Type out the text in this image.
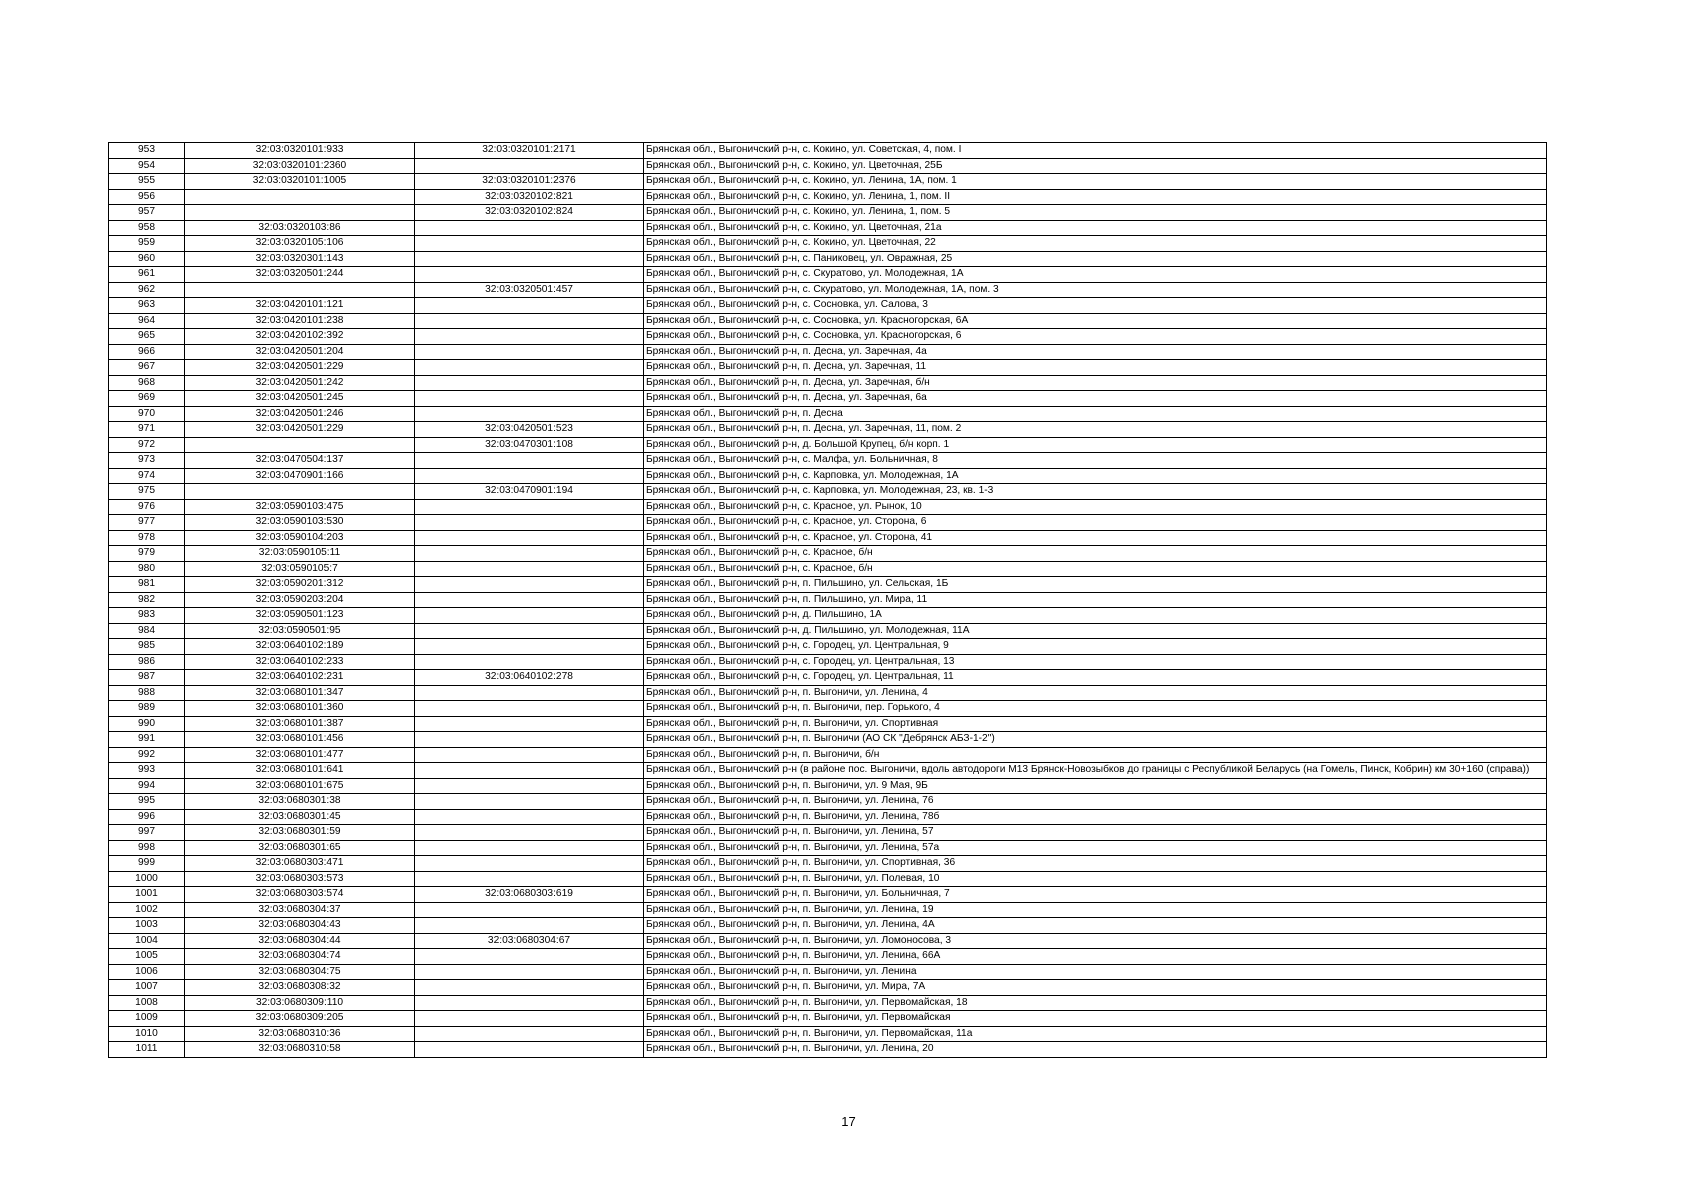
953	32:03:0320101:933	32:03:0320101:2171	Брянская обл., Выгоничский р-н, с. Кокино, ул. Советская, 4, пом. I
954	32:03:0320101:2360		Брянская обл., Выгоничский р-н, с. Кокино, ул. Цветочная, 25Б
955	32:03:0320101:1005	32:03:0320101:2376	Брянская обл., Выгоничский р-н, с. Кокино, ул. Ленина, 1А, пом. 1
956		32:03:0320102:821	Брянская обл., Выгоничский р-н, с. Кокино, ул. Ленина, 1, пом. II
957		32:03:0320102:824	Брянская обл., Выгоничский р-н, с. Кокино, ул. Ленина, 1, пом. 5
958	32:03:0320103:86		Брянская обл., Выгоничский р-н, с. Кокино, ул. Цветочная, 21а
959	32:03:0320105:106		Брянская обл., Выгоничский р-н, с. Кокино, ул. Цветочная, 22
960	32:03:0320301:143		Брянская обл., Выгоничский р-н, с. Паниковец, ул. Овражная, 25
961	32:03:0320501:244		Брянская обл., Выгоничский р-н, с. Скуратово, ул. Молодежная, 1А
962		32:03:0320501:457	Брянская обл., Выгоничский р-н, с. Скуратово, ул. Молодежная, 1А, пом. 3
963	32:03:0420101:121		Брянская обл., Выгоничский р-н, с. Сосновка, ул. Салова, 3
964	32:03:0420101:238		Брянская обл., Выгоничский р-н, с. Сосновка, ул. Красногорская, 6А
965	32:03:0420102:392		Брянская обл., Выгоничский р-н, с. Сосновка, ул. Красногорская, 6
966	32:03:0420501:204		Брянская обл., Выгоничский р-н, п. Десна, ул. Заречная, 4а
967	32:03:0420501:229		Брянская обл., Выгоничский р-н, п. Десна, ул. Заречная, 11
968	32:03:0420501:242		Брянская обл., Выгоничский р-н, п. Десна, ул. Заречная, б/н
969	32:03:0420501:245		Брянская обл., Выгоничский р-н, п. Десна, ул. Заречная, 6а
970	32:03:0420501:246		Брянская обл., Выгоничский р-н, п. Десна
971	32:03:0420501:229	32:03:0420501:523	Брянская обл., Выгоничский р-н, п. Десна, ул. Заречная, 11, пом. 2
972		32:03:0470301:108	Брянская обл., Выгоничский р-н, д. Большой Крупец, б/н корп. 1
973	32:03:0470504:137		Брянская обл., Выгоничский р-н, с. Малфа, ул. Больничная, 8
974	32:03:0470901:166		Брянская обл., Выгоничский р-н, с. Карповка, ул. Молодежная, 1А
975		32:03:0470901:194	Брянская обл., Выгоничский р-н, с. Карповка, ул. Молодежная, 23, кв. 1-3
976	32:03:0590103:475		Брянская обл., Выгоничский р-н, с. Красное, ул. Рынок, 10
977	32:03:0590103:530		Брянская обл., Выгоничский р-н, с. Красное, ул. Сторона, 6
978	32:03:0590104:203		Брянская обл., Выгоничский р-н, с. Красное, ул. Сторона, 41
979	32:03:0590105:11		Брянская обл., Выгоничский р-н, с. Красное, б/н
980	32:03:0590105:7		Брянская обл., Выгоничский р-н, с. Красное, б/н
981	32:03:0590201:312		Брянская обл., Выгоничский р-н, п. Пильшино, ул. Сельская, 1Б
982	32:03:0590203:204		Брянская обл., Выгоничский р-н, п. Пильшино, ул. Мира, 11
983	32:03:0590501:123		Брянская обл., Выгоничский р-н, д. Пильшино, 1А
984	32:03:0590501:95		Брянская обл., Выгоничский р-н, д. Пильшино, ул. Молодежная, 11А
985	32:03:0640102:189		Брянская обл., Выгоничский р-н, с. Городец, ул. Центральная, 9
986	32:03:0640102:233		Брянская обл., Выгоничский р-н, с. Городец, ул. Центральная, 13
987	32:03:0640102:231	32:03:0640102:278	Брянская обл., Выгоничский р-н, с. Городец, ул. Центральная, 11
988	32:03:0680101:347		Брянская обл., Выгоничский р-н, п. Выгоничи, ул. Ленина, 4
989	32:03:0680101:360		Брянская обл., Выгоничский р-н, п. Выгоничи, пер. Горького, 4
990	32:03:0680101:387		Брянская обл., Выгоничский р-н, п. Выгоничи, ул. Спортивная
991	32:03:0680101:456		Брянская обл., Выгоничский р-н, п. Выгоничи (АО СК "Дебрянск АБЗ-1-2")
992	32:03:0680101:477		Брянская обл., Выгоничский р-н, п. Выгоничи, б/н
993	32:03:0680101:641		Брянская обл., Выгоничский р-н (в районе пос. Выгоничи, вдоль автодороги М13 Брянск-Новозыбков до границы с Республикой Беларусь (на Гомель, Пинск, Кобрин) км 30+160 (справа))
994	32:03:0680101:675		Брянская обл., Выгоничский р-н, п. Выгоничи, ул. 9 Мая, 9Б
995	32:03:0680301:38		Брянская обл., Выгоничский р-н, п. Выгоничи, ул. Ленина, 76
996	32:03:0680301:45		Брянская обл., Выгоничский р-н, п. Выгоничи, ул. Ленина, 78б
997	32:03:0680301:59		Брянская обл., Выгоничский р-н, п. Выгоничи, ул. Ленина, 57
998	32:03:0680301:65		Брянская обл., Выгоничский р-н, п. Выгоничи, ул. Ленина, 57а
999	32:03:0680303:471		Брянская обл., Выгоничский р-н, п. Выгоничи, ул. Спортивная, 36
1000	32:03:0680303:573		Брянская обл., Выгоничский р-н, п. Выгоничи, ул. Полевая, 10
1001	32:03:0680303:574	32:03:0680303:619	Брянская обл., Выгоничский р-н, п. Выгоничи, ул. Больничная, 7
1002	32:03:0680304:37		Брянская обл., Выгоничский р-н, п. Выгоничи, ул. Ленина, 19
1003	32:03:0680304:43		Брянская обл., Выгоничский р-н, п. Выгоничи, ул. Ленина, 4А
1004	32:03:0680304:44	32:03:0680304:67	Брянская обл., Выгоничский р-н, п. Выгоничи, ул. Ломоносова, 3
1005	32:03:0680304:74		Брянская обл., Выгоничский р-н, п. Выгоничи, ул. Ленина, 66А
1006	32:03:0680304:75		Брянская обл., Выгоничский р-н, п. Выгоничи, ул. Ленина
1007	32:03:0680308:32		Брянская обл., Выгоничский р-н, п. Выгоничи, ул. Мира, 7А
1008	32:03:0680309:110		Брянская обл., Выгоничский р-н, п. Выгоничи, ул. Первомайская, 18
1009	32:03:0680309:205		Брянская обл., Выгоничский р-н, п. Выгоничи, ул. Первомайская
1010	32:03:0680310:36		Брянская обл., Выгоничский р-н, п. Выгоничи, ул. Первомайская, 11а
1011	32:03:0680310:58		Брянская обл., Выгоничский р-н, п. Выгоничи, ул. Ленина, 20
17
